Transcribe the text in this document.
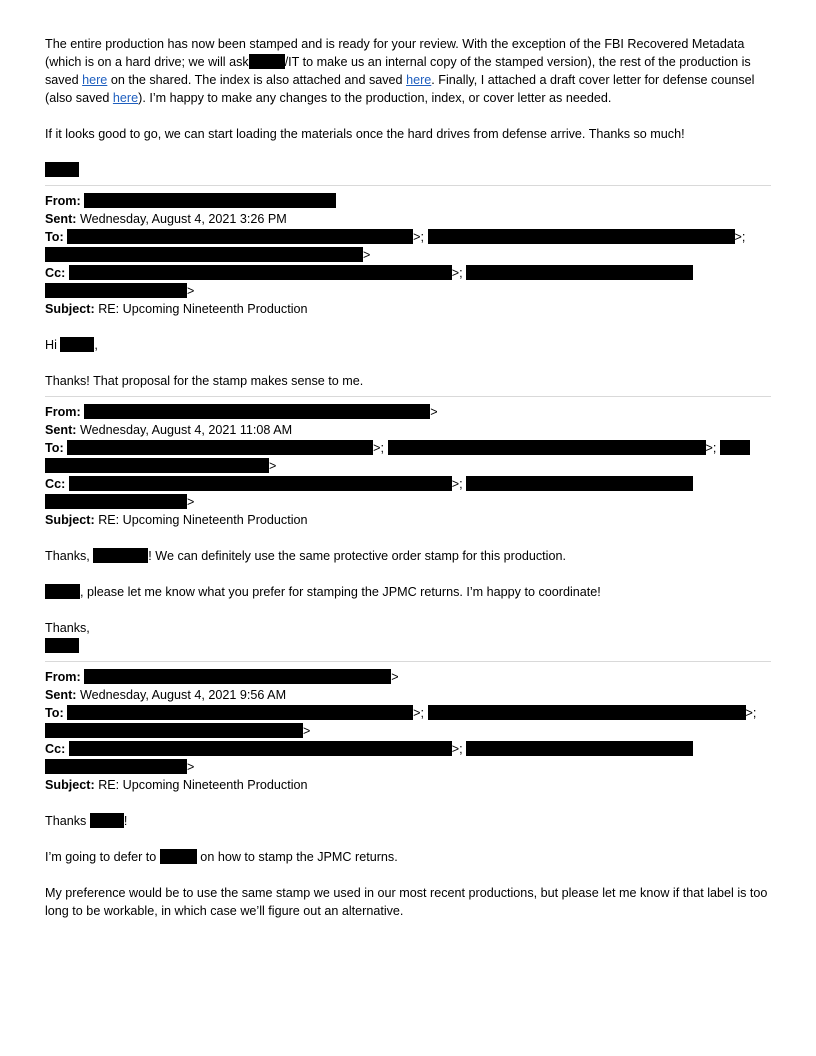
The entire production has now been stamped and is ready for your review. With the exception of the FBI Recovered Metadata (which is on a hard drive; we will ask	/IT to make us an internal copy of the stamped version), the rest of the production is saved here on the shared. The index is also attached and saved here. Finally, I attached a draft cover letter for defense counsel (also saved here). I’m happy to make any changes to the production, index, or cover letter as needed.

If it looks good to go, we can start loading the materials once the hard drives from defense arrive. Thanks so much!

From:
Sent: Wednesday, August 4, 2021 3:26 PM
To:	>;	>;
>
Cc:	>;
>
Subject: RE: Upcoming Nineteenth Production

Hi	,

Thanks! That proposal for the stamp makes sense to me.

From:	>
Sent: Wednesday, August 4, 2021 11:08 AM
To:	>;	>;
>
Cc:	>;
>
Subject: RE: Upcoming Nineteenth Production

Thanks,	! We can definitely use the same protective order stamp for this production.

, please let me know what you prefer for stamping the JPMC returns. I’m happy to coordinate!

Thanks,

From:	>
Sent: Wednesday, August 4, 2021 9:56 AM
To:	>;	>;
>
Cc:	>;
>
Subject: RE: Upcoming Nineteenth Production

Thanks	!

I’m going to defer to	on how to stamp the JPMC returns.

My preference would be to use the same stamp we used in our most recent productions, but please let me know if that label is too long to be workable, in which case we’ll figure out an alternative.
